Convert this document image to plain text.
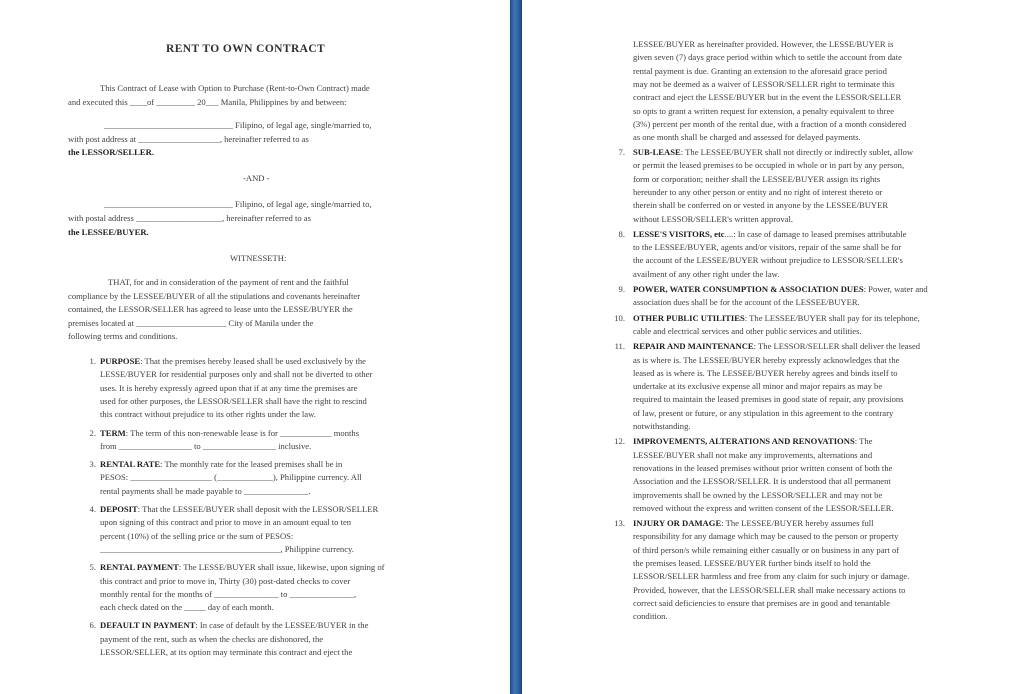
RENT TO OWN CONTRACT
This Contract of Lease with Option to Purchase (Rent-to-Own Contract) made
and executed this ____of _________ 20___ Manila, Philippines by and between:
______________________________ Filipino, of legal age, single/married to,
with post address at ___________________, hereinafter referred to as
the LESSOR/SELLER.
-AND -
______________________________ Filipino, of legal age, single/married to,
with postal address ____________________, hereinafter referred to as
the LESSEE/BUYER.
WITNESSETH:
THAT, for and in consideration of the payment of rent and the faithful
compliance by the LESSEE/BUYER of all the stipulations and covenants hereinafter
contained, the LESSOR/SELLER has agreed to lease unto the LESSE/BUYER the
premises located at _____________________ City of Manila under the
following terms and conditions.
1. PURPOSE: That the premises hereby leased shall be used exclusively by the
LESSE/BUYER for residential purposes only and shall not be diverted to other
uses. It is hereby expressly agreed upon that if at any time the premises are
used for other purposes, the LESSOR/SELLER shall have the right to rescind
this contract without prejudice to its other rights under the law.
2. TERM: The term of this non-renewable lease is for ____________ months
from _________________ to _________________ inclusive.
3. RENTAL RATE: The monthly rate for the leased premises shall be in
PESOS: ___________________ (_____________), Philippine currency. All
rental payments shall be made payable to _______________.
4. DEPOSIT: That the LESSEE/BUYER shall deposit with the LESSOR/SELLER
upon signing of this contract and prior to move in an amount equal to ten
percent (10%) of the selling price or the sum of PESOS:
__________________________________________, Philippine currency.
5. RENTAL PAYMENT: The LESSE/BUYER shall issue, likewise, upon signing of
this contract and prior to move in, Thirty (30) post-dated checks to cover
monthly rental for the months of _______________ to _______________,
each check dated on the _____ day of each month.
6. DEFAULT IN PAYMENT: In case of default by the LESSEE/BUYER in the
payment of the rent, such as when the checks are dishonored, the
LESSOR/SELLER, at its option may terminate this contract and eject the
LESSEE/BUYER as hereinafter provided. However, the LESSE/BUYER is
given seven (7) days grace period within which to settle the account from date
rental payment is due. Granting an extension to the aforesaid grace period
may not be deemed as a waiver of LESSOR/SELLER right to terminate this
contract and eject the LESSE/BUYER but in the event the LESSOR/SELLER
so opts to grant a written request for extension, a penalty equivalent to three
(3%) percent per month of the rental due, with a fraction of a month considered
as one month shall be charged and assessed for delayed payments.
7. SUB-LEASE: The LESSEE/BUYER shall not directly or indirectly sublet, allow
or permit the leased premises to be occupied in whole or in part by any person,
form or corporation; neither shall the LESSEE/BUYER assign its rights
hereunder to any other person or entity and no right of interest thereto or
therein shall be conferred on or vested in anyone by the LESSEE/BUYER
without LESSOR/SELLER's written approval.
8. LESSE'S VISITORS, etc....: In case of damage to leased premises attributable
to the LESSEE/BUYER, agents and/or visitors, repair of the same shall be for
the account of the LESSEE/BUYER without prejudice to LESSOR/SELLER's
availment of any other right under the law.
9. POWER, WATER CONSUMPTION & ASSOCIATION DUES: Power, water and
association dues shall be for the account of the LESSEE/BUYER.
10. OTHER PUBLIC UTILITIES: The LESSEE/BUYER shall pay for its telephone,
cable and electrical services and other public services and utilities.
11. REPAIR AND MAINTENANCE: The LESSOR/SELLER shall deliver the leased
as is where is. The LESSEE/BUYER hereby expressly acknowledges that the
leased as is where is. The LESSEE/BUYER hereby agrees and binds itself to
undertake at its exclusive expense all minor and major repairs as may be
required to maintain the leased premises in good state of repair, any provisions
of law, present or future, or any stipulation in this agreement to the contrary
notwithstanding.
12. IMPROVEMENTS, ALTERATIONS AND RENOVATIONS: The
LESSEE/BUYER shall not make any improvements, alternations and
renovations in the leased premises without prior written consent of both the
Association and the LESSOR/SELLER. It is understood that all permanent
improvements shall be owned by the LESSOR/SELLER and may not be
removed without the express and written consent of the LESSOR/SELLER.
13. INJURY OR DAMAGE: The LESSEE/BUYER hereby assumes full
responsibility for any damage which may be caused to the person or property
of third person/s while remaining either casually or on business in any part of
the premises leased. LESSEE/BUYER further binds itself to hold the
LESSOR/SELLER harmless and free from any claim for such injury or damage.
Provided, however, that the LESSOR/SELLER shall make necessary actions to
correct said deficiencies to ensure that premises are in good and tenantable
condition.
